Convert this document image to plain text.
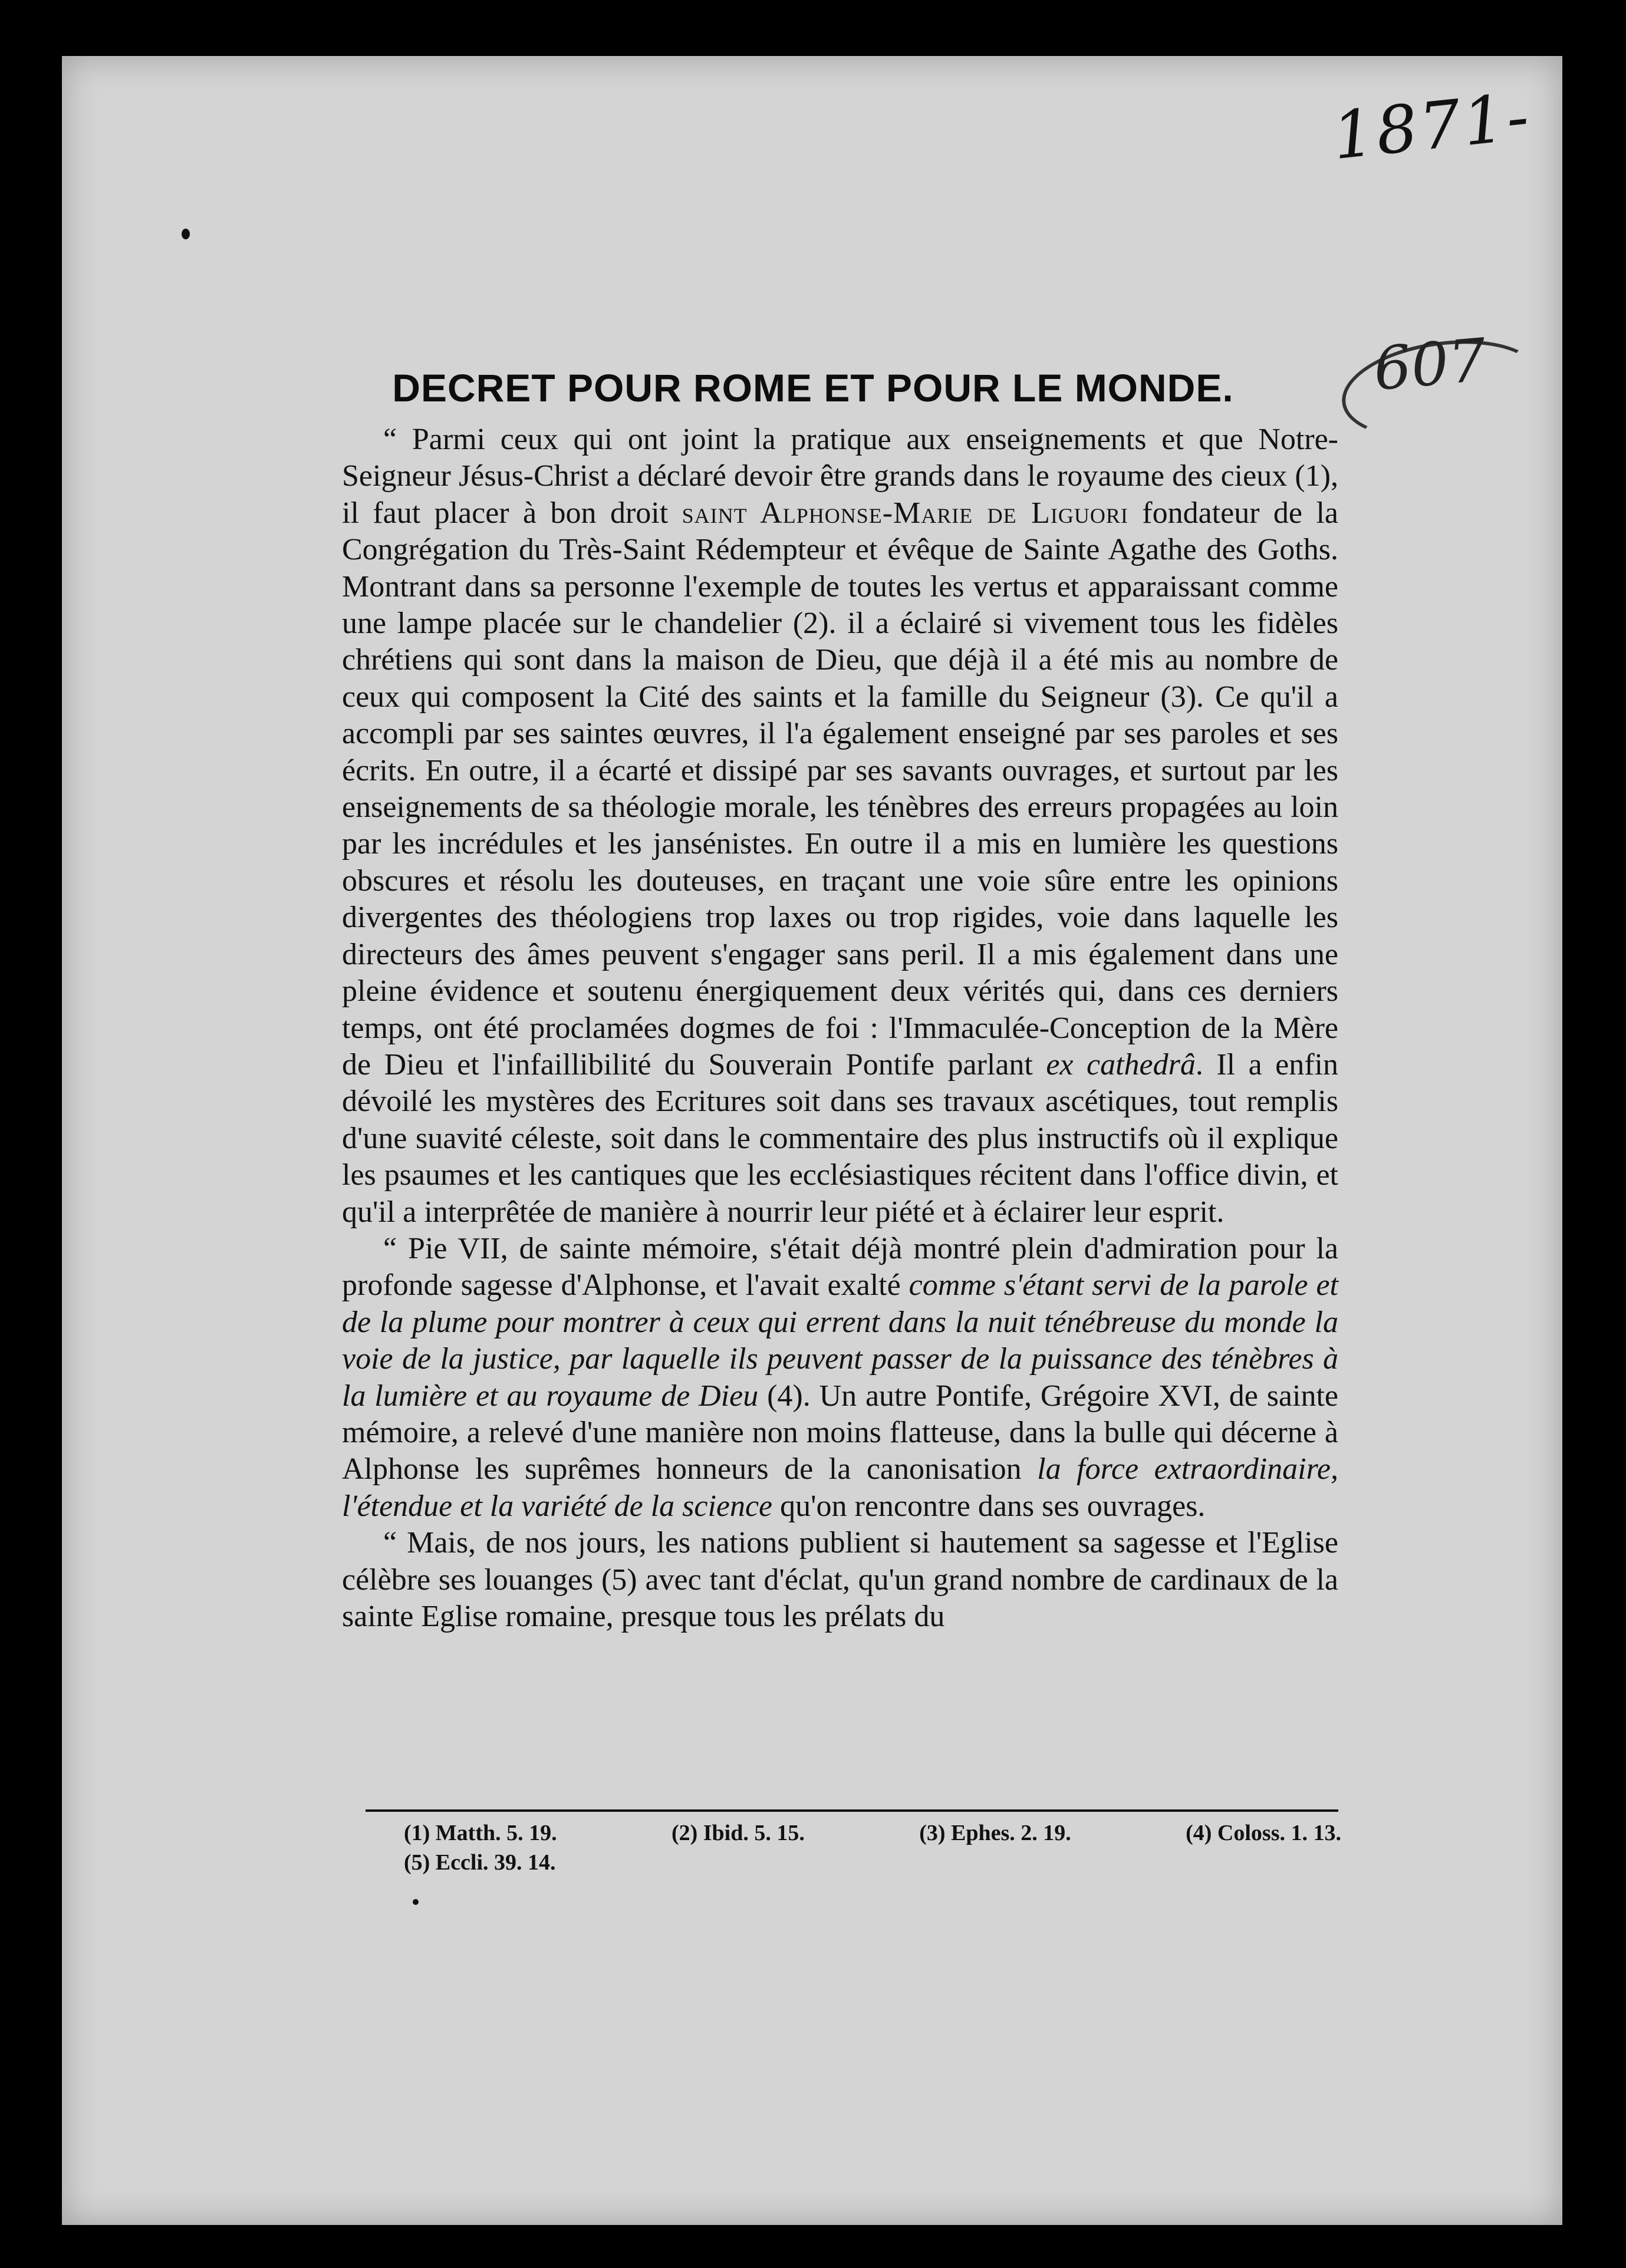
1871-
607
DECRET POUR ROME ET POUR LE MONDE.

“ Parmi ceux qui ont joint la pratique aux enseignements et que Notre-Seigneur Jésus-Christ a déclaré devoir être grands dans le royaume des cieux (1), il faut placer à bon droit saint Alphonse-Marie de Liguori fondateur de la Congrégation du Très-Saint Rédempteur et évêque de Sainte Agathe des Goths. Montrant dans sa personne l'exemple de toutes les vertus et apparaissant comme une lampe placée sur le chandelier (2). il a éclairé si vivement tous les fidèles chrétiens qui sont dans la maison de Dieu, que déjà il a été mis au nombre de ceux qui composent la Cité des saints et la famille du Seigneur (3). Ce qu'il a accompli par ses saintes œuvres, il l'a également enseigné par ses paroles et ses écrits. En outre, il a écarté et dissipé par ses savants ouvrages, et surtout par les enseignements de sa théologie morale, les ténèbres des erreurs propagées au loin par les incrédules et les jansénistes. En outre il a mis en lumière les questions obscures et résolu les douteuses, en traçant une voie sûre entre les opinions divergentes des théologiens trop laxes ou trop rigides, voie dans laquelle les directeurs des âmes peuvent s'engager sans peril. Il a mis également dans une pleine évidence et soutenu énergiquement deux vérités qui, dans ces derniers temps, ont été proclamées dogmes de foi : l'Immaculée-Conception de la Mère de Dieu et l'infaillibilité du Souverain Pontife parlant ex cathedrâ. Il a enfin dévoilé les mystères des Ecritures soit dans ses travaux ascétiques, tout remplis d'une suavité céleste, soit dans le commentaire des plus instructifs où il explique les psaumes et les cantiques que les ecclésiastiques récitent dans l'office divin, et qu'il a interprêtée de manière à nourrir leur piété et à éclairer leur esprit.

“ Pie VII, de sainte mémoire, s'était déjà montré plein d'admiration pour la profonde sagesse d'Alphonse, et l'avait exalté comme s'étant servi de la parole et de la plume pour montrer à ceux qui errent dans la nuit ténébreuse du monde la voie de la justice, par laquelle ils peuvent passer de la puissance des ténèbres à la lumière et au royaume de Dieu (4). Un autre Pontife, Grégoire XVI, de sainte mémoire, a relevé d'une manière non moins flatteuse, dans la bulle qui décerne à Alphonse les suprêmes honneurs de la canonisation la force extraordinaire, l'étendue et la variété de la science qu'on rencontre dans ses ouvrages.

“ Mais, de nos jours, les nations publient si hautement sa sagesse et l'Eglise célèbre ses louanges (5) avec tant d'éclat, qu'un grand nombre de cardinaux de la sainte Eglise romaine, presque tous les prélats du

(1) Matth. 5. 19.	(2) Ibid. 5. 15.	(3) Ephes. 2. 19.	(4) Coloss. 1. 13.
(5) Eccli. 39. 14.
